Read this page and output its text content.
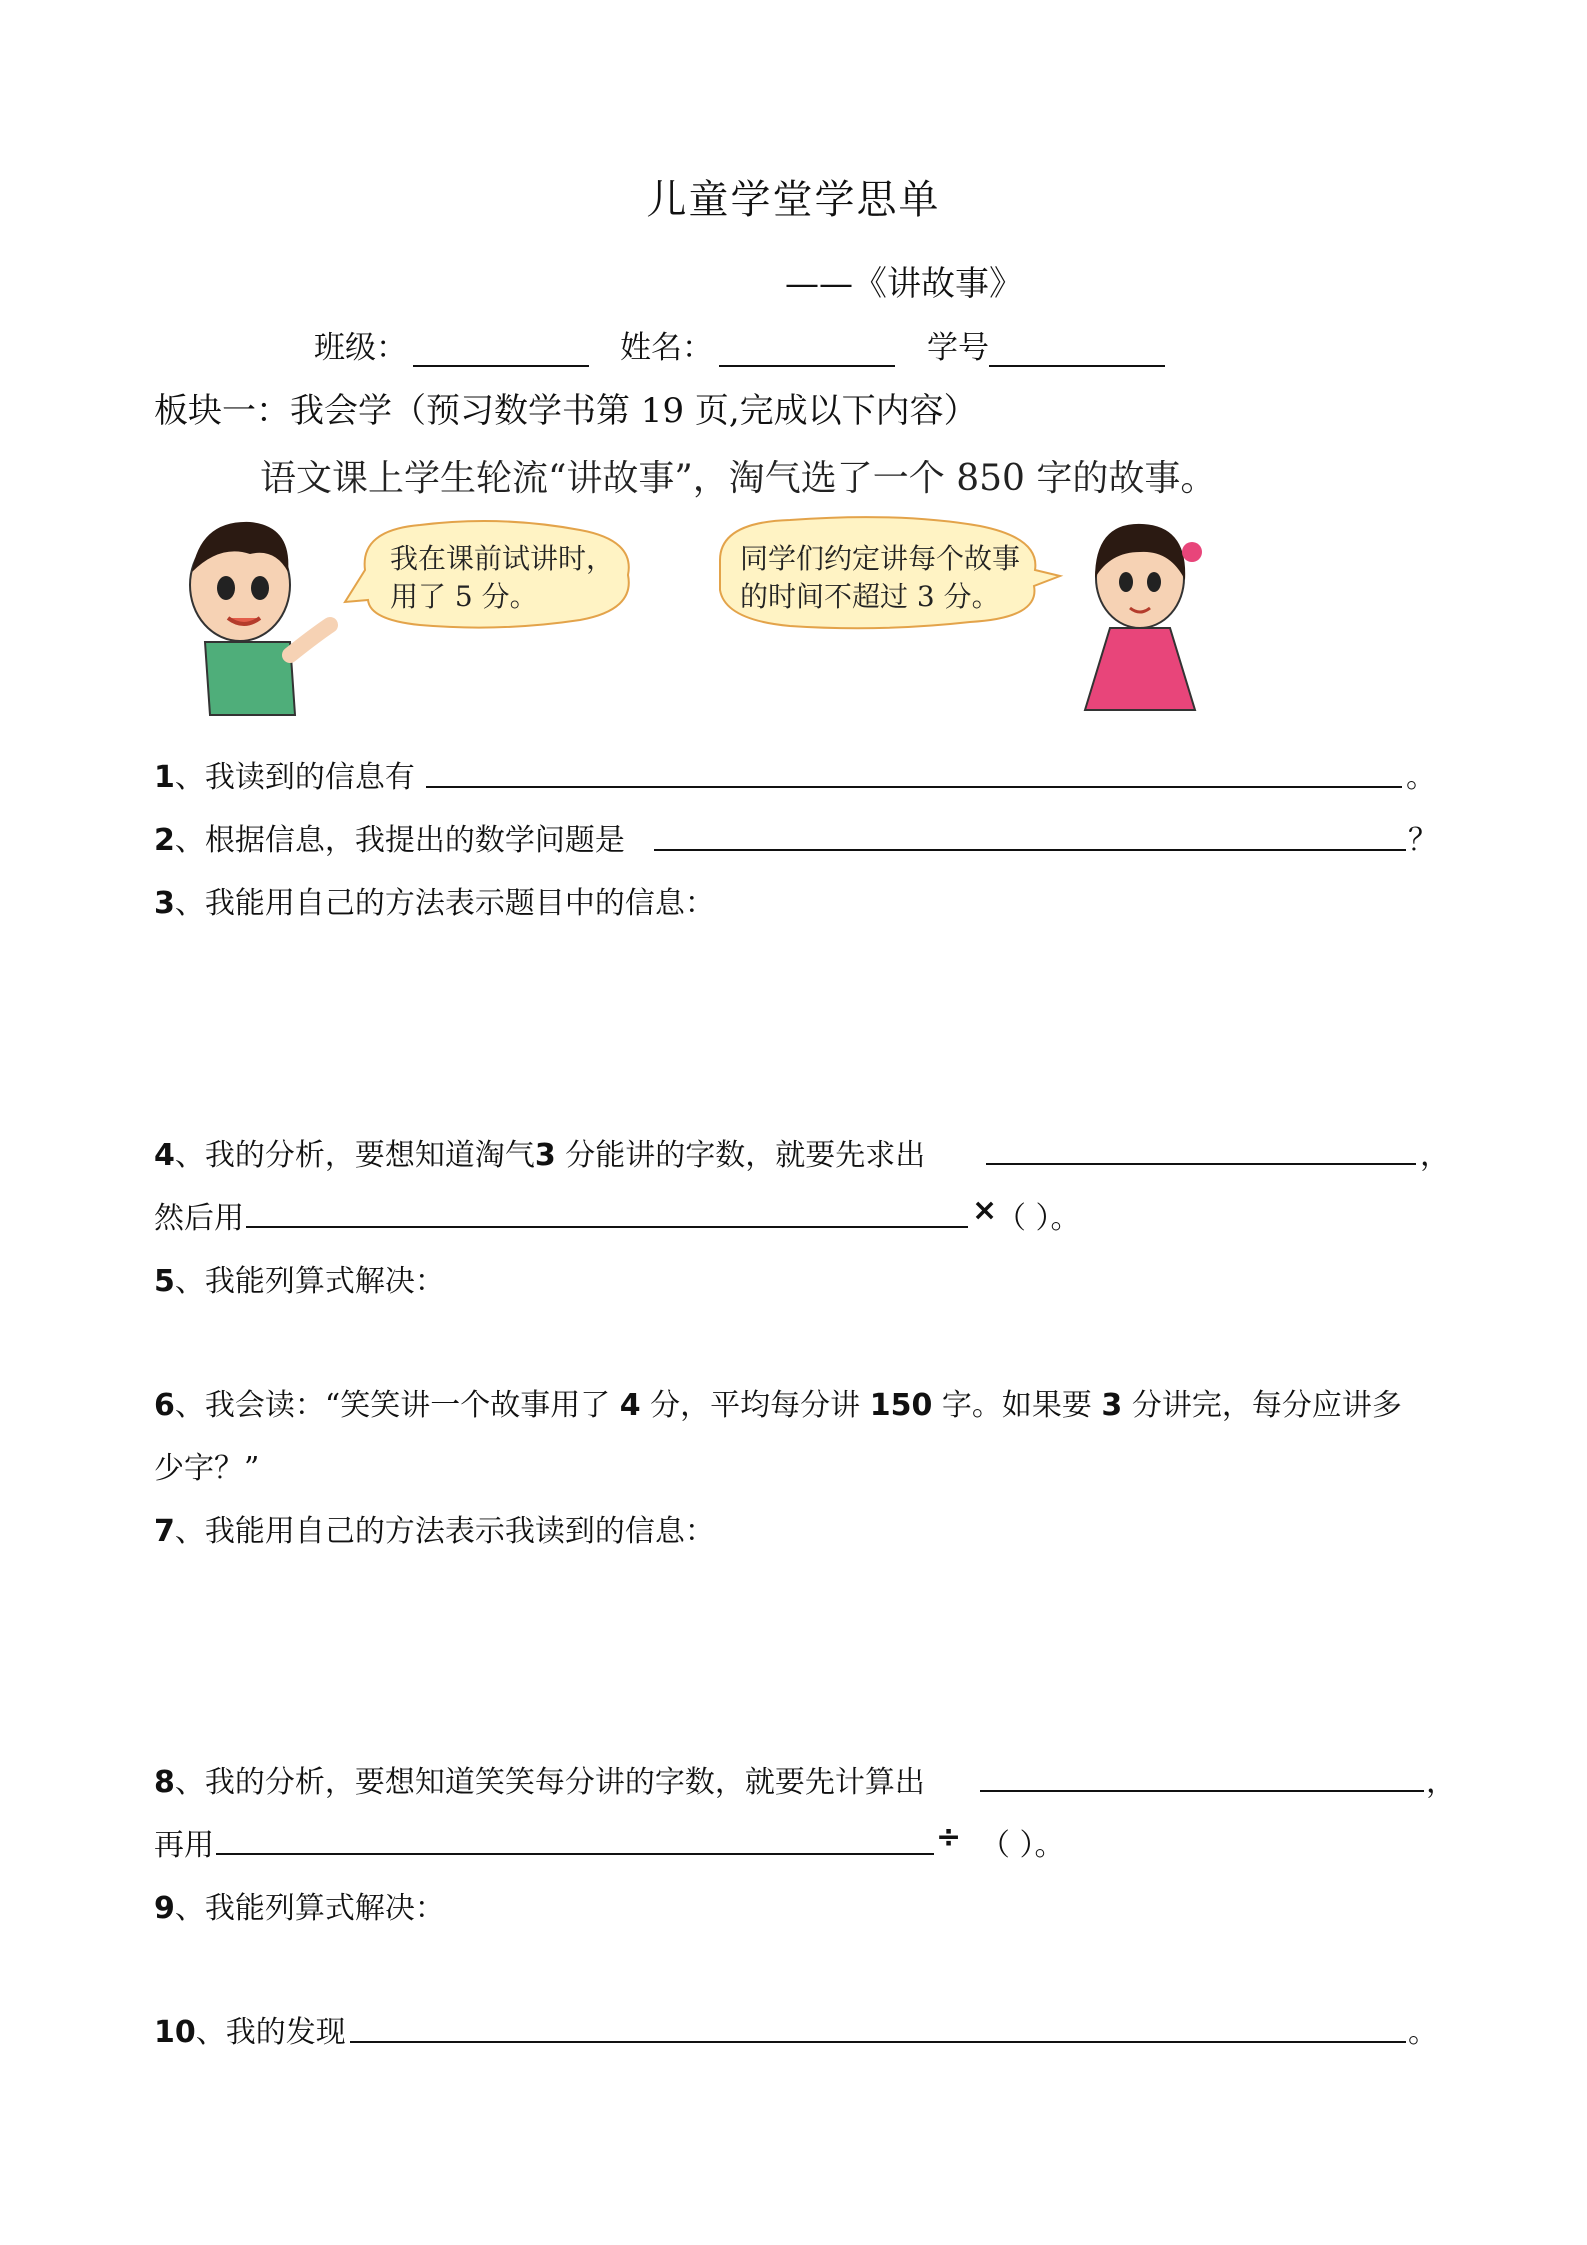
儿童学堂学思单
——《讲故事》
班级：	姓名：	学号
板块一：我会学（预习数学书第 19 页,完成以下内容）
语文课上学生轮流“讲故事”，淘气选了一个 850 字的故事。
我在课前试讲时，
用了 5 分。
同学们约定讲每个故事
的时间不超过 3 分。
1、我读到的信息有	。
2、根据信息，我提出的数学问题是	？
3、我能用自己的方法表示题目中的信息：
4、我的分析，要想知道淘气3 分能讲的字数，就要先求出	，
然后用	×
（ ）。
5、我能列算式解决：
6、我会读：“笑笑讲一个故事用了 4 分，平均每分讲 150 字。如果要 3 分讲完，每分应讲多
少字？”
7、我能用自己的方法表示我读到的信息：
8、我的分析，要想知道笑笑每分讲的字数，就要先计算出	，
再用	÷ （ ）。
9、我能列算式解决：
10、我的发现	。
